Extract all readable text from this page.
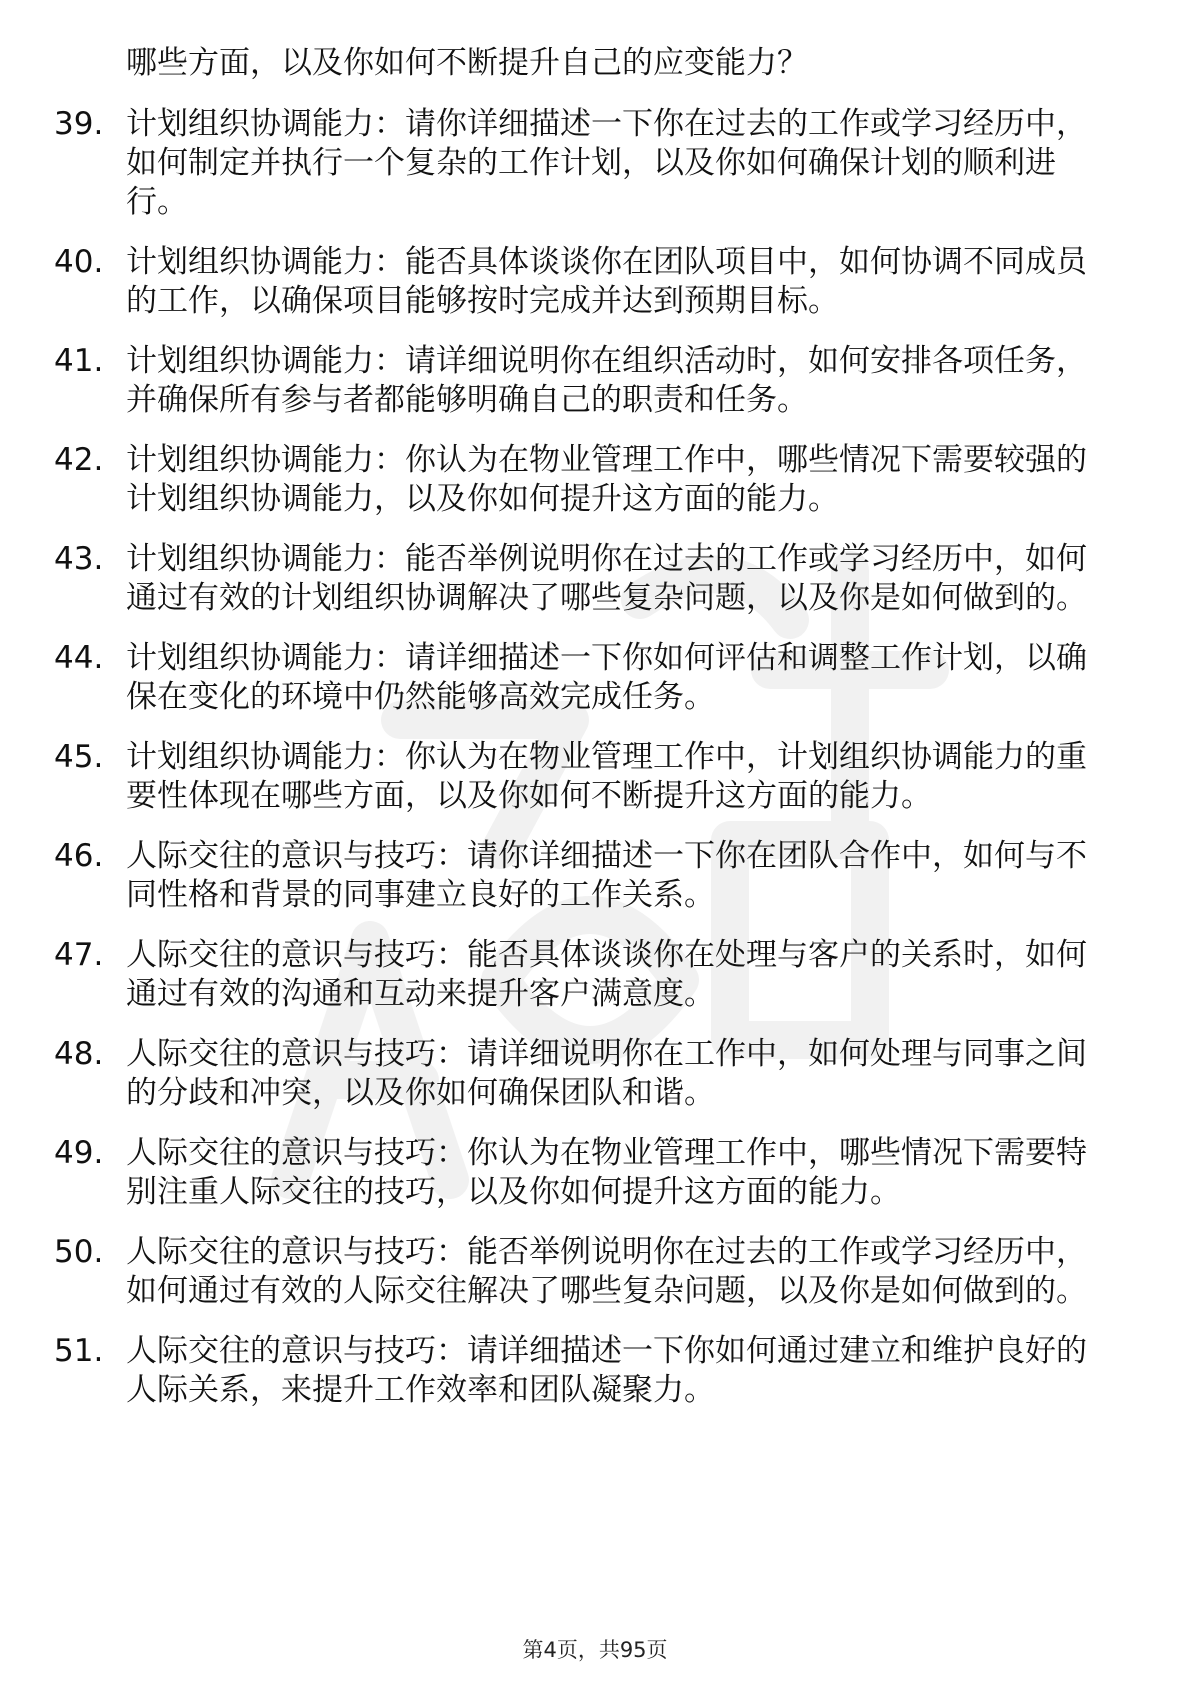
哪些方面，以及你如何不断提升自己的应变能力？
39. 计划组织协调能力：请你详细描述一下你在过去的工作或学习经历中，如何制定并执行一个复杂的工作计划，以及你如何确保计划的顺利进行。
40. 计划组织协调能力：能否具体谈谈你在团队项目中，如何协调不同成员的工作，以确保项目能够按时完成并达到预期目标。
41. 计划组织协调能力：请详细说明你在组织活动时，如何安排各项任务，并确保所有参与者都能够明确自己的职责和任务。
42. 计划组织协调能力：你认为在物业管理工作中，哪些情况下需要较强的计划组织协调能力，以及你如何提升这方面的能力。
43. 计划组织协调能力：能否举例说明你在过去的工作或学习经历中，如何通过有效的计划组织协调解决了哪些复杂问题，以及你是如何做到的。
44. 计划组织协调能力：请详细描述一下你如何评估和调整工作计划，以确保在变化的环境中仍然能够高效完成任务。
45. 计划组织协调能力：你认为在物业管理工作中，计划组织协调能力的重要性体现在哪些方面，以及你如何不断提升这方面的能力。
46. 人际交往的意识与技巧：请你详细描述一下你在团队合作中，如何与不同性格和背景的同事建立良好的工作关系。
47. 人际交往的意识与技巧：能否具体谈谈你在处理与客户的关系时，如何通过有效的沟通和互动来提升客户满意度。
48. 人际交往的意识与技巧：请详细说明你在工作中，如何处理与同事之间的分歧和冲突，以及你如何确保团队和谐。
49. 人际交往的意识与技巧：你认为在物业管理工作中，哪些情况下需要特别注重人际交往的技巧，以及你如何提升这方面的能力。
50. 人际交往的意识与技巧：能否举例说明你在过去的工作或学习经历中，如何通过有效的人际交往解决了哪些复杂问题，以及你是如何做到的。
51. 人际交往的意识与技巧：请详细描述一下你如何通过建立和维护良好的人际关系，来提升工作效率和团队凝聚力。
第4页，共95页
